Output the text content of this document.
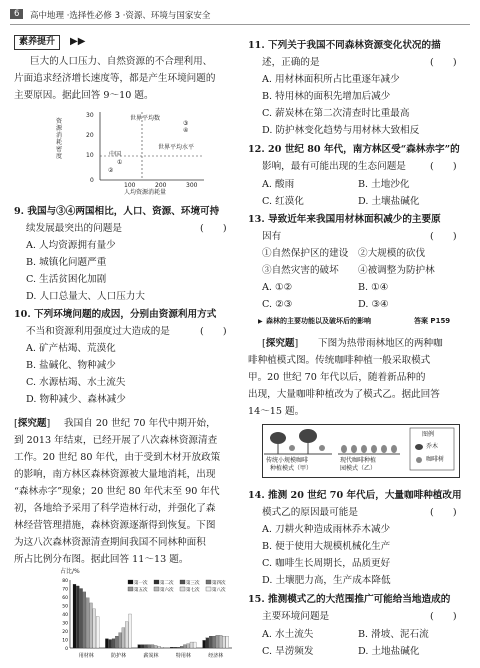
6	高中地理 ·选择性必修 3 ·资源、环境与国家安全
素养提升	▶▶
巨大的人口压力、自然资源的不合理利用、
片面追求经济增长速度等，都是产生环境问题的
主要原因。据此回答 9～10 题。
资源消耗密度
30
20
10
0
100	200	300
人均资源消耗量
世界平均数
世界平均水平
中国
①
②
③
④
9. 我国与③④两国相比，人口、资源、环境可持
续发展最突出的问题是	(　　)
A. 人均资源拥有量少
B. 城镇化问题严重
C. 生活贫困化加剧
D. 人口总量大、人口压力大
10. 下列环境问题的成因，分别由资源利用方式
不当和资源利用强度过大造成的是	(　　)
A. 矿产枯竭、荒漠化
B. 盐碱化、物种减少
C. 水源枯竭、水土流失
D. 物种减少、森林减少
[探究题] 我国自 20 世纪 70 年代中期开始，
到 2013 年结束，已经开展了八次森林资源清查
工作。20 世纪 80 年代，由于受到木材开放政策
的影响，南方林区森林资源被大量地消耗，出现
“森林赤字”现象；20 世纪 80 年代末至 90 年代
初，各地给予采用了科学造林行动，并强化了森
林经营管理措施，森林资源逐渐得到恢复。下图
为这八次森林资源清查期间我国不同林种面积
所占比例分布图。据此回答 11～13 题。
占比/%
80
70
60
50
40
30
20
10
0
用材林	防护林	薪炭林	特用林	经济林
第一次	第二次	第三次	第四次
第五次	第六次	第七次	第八次
11. 下列关于我国不同森林资源变化状况的描
述，正确的是	(　　)
A. 用材林面积所占比重逐年减少
B. 特用林的面积先增加后减少
C. 薪炭林在第二次清查时比重最高
D. 防护林变化趋势与用材林大致相反
12. 20 世纪 80 年代，南方林区受“森林赤字”的
影响，最有可能出现的生态问题是	(　　)
A. 酸雨	B. 土地沙化
C. 红漠化	D. 土壤盐碱化
13. 导致近年来我国用材林面积减少的主要原
因有	(　　)
①自然保护区的建设 ②大规模的砍伐
③自然灾害的破坏 ④被调整为防护林
A. ①②	B. ①④
C. ②③	D. ③④
▶ 森林的主要功能以及破坏后的影响	答案 P159
[探究题] 下图为热带雨林地区的两种咖
啡种植模式图。传统咖啡种植一般采取模式
甲。20 世纪 70 年代以后，随着新品种的
出现，大量咖啡种植改为了模式乙。据此回答
14～15 题。
传统小规模咖啡
种植模式（甲）
现代咖啡种植
园模式（乙）
图例
乔木
咖啡树
14. 推测 20 世纪 70 年代后，大量咖啡种植改用
模式乙的原因最可能是	(　　)
A. 刀耕火种造成雨林乔木减少
B. 便于使用大规模机械化生产
C. 咖啡生长周期长，品质更好
D. 土壤肥力高，生产成本降低
15. 推测模式乙的大范围推广可能给当地造成的
主要环境问题是	(　　)
A. 水土流失	B. 滑坡、泥石流
C. 旱涝频发	D. 土地盐碱化
